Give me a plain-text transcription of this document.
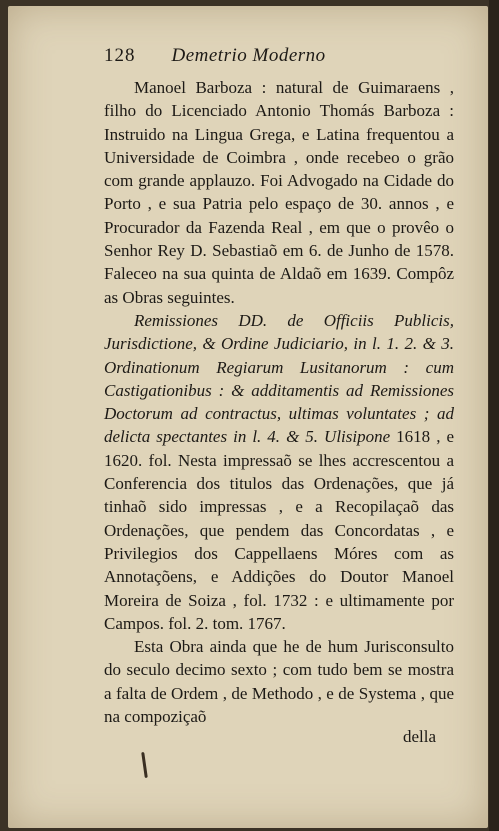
128 Demetrio Moderno

Manoel Barboza : natural de Guimaraens , filho do Licenciado Antonio Thomás Barboza : Instruido na Lingua Grega, e Latina frequentou a Universidade de Coimbra , onde recebeo o grão com grande applauzo. Foi Advogado na Cidade do Porto , e sua Patria pelo espaço de 30. annos , e Procurador da Fazenda Real , em que o provêo o Senhor Rey D. Sebastiaõ em 6. de Junho de 1578. Faleceo na sua quinta de Aldaõ em 1639. Compôz as Obras seguintes.

Remissiones DD. de Officiis Publicis, Jurisdictione, & Ordine Judiciario, in l. 1. 2. & 3. Ordinationum Regiarum Lusitanorum : cum Castigationibus : & additamentis ad Remissiones Doctorum ad contractus, ultimas voluntates ; ad delicta spectantes in l. 4. & 5. Ulisipone 1618 , e 1620. fol. Nesta impressaõ se lhes accrescentou a Conferencia dos titulos das Ordenações, que já tinhaõ sido impressas , e a Recopilaçaõ das Ordenações, que pendem das Concordatas , e Privilegios dos Cappellaens Móres com as Annotaçõens, e Addições do Doutor Manoel Moreira de Soiza , fol. 1732 : e ultimamente por Campos. fol. 2. tom. 1767.

Esta Obra ainda que he de hum Jurisconsulto do seculo decimo sexto ; com tudo bem se mostra a falta de Ordem , de Methodo , e de Systema , que na compoziçaõ

della
